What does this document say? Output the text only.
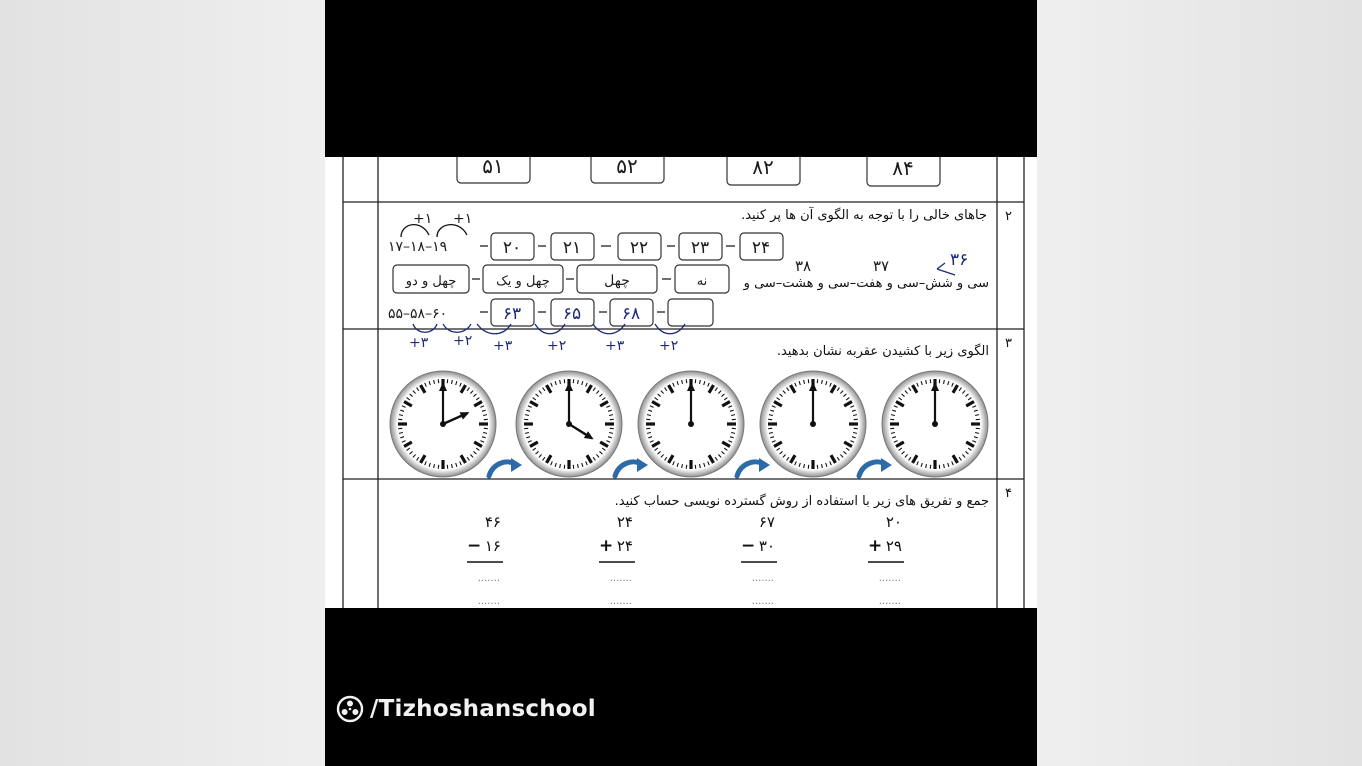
۵۱	۵۲	۸۲	۸۴
۱۷–۱۸–۱۹
+۱ +۱
۲۰ ۲۱	۲۲	۲۳	۲۴
چهل و دو	چهل و یک	چهل	نه	سی و شش–سی و هفت–سی و هشت–سی و
۳۸	۳۷	۳۶
۵۵–۵۸–۶۰	۶۳ ۶۵ ۶۸
+۳ +۲ +۳ +۲	+۳ +۲
۴۶
− ۱۶
.......
.......
۲۴
+ ۲۴
.......
.......
۶۷
− ۳۰
.......
.......
۲۰
+ ۲۹
.......
.......
۲
جاهای خالی را با توجه به الگوی آن ها پر کنید.
۳
الگوی زیر با کشیدن عقربه نشان بدهید.
۴
جمع و تفریق های زیر با استفاده از روش گسترده نویسی حساب کنید.
/Tizhoshanschool
